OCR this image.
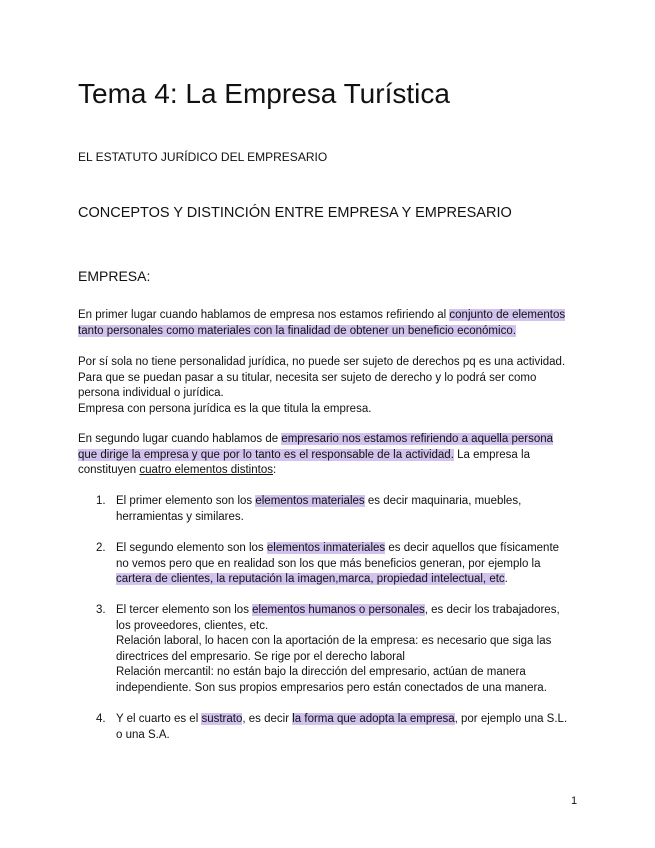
Tema 4: La Empresa Turística
EL ESTATUTO JURÍDICO DEL EMPRESARIO
CONCEPTOS Y DISTINCIÓN ENTRE EMPRESA Y EMPRESARIO
EMPRESA:
En primer lugar cuando hablamos de empresa nos estamos refiriendo al conjunto de elementos
tanto personales como materiales con la finalidad de obtener un beneficio económico.
Por sí sola no tiene personalidad jurídica, no puede ser sujeto de derechos pq es una actividad.
Para que se puedan pasar a su titular, necesita ser sujeto de derecho y lo podrá ser como
persona individual o jurídica.
Empresa con persona jurídica es la que titula la empresa.
En segundo lugar cuando hablamos de empresario nos estamos refiriendo a aquella persona
que dirige la empresa y que por lo tanto es el responsable de la actividad. La empresa la
constituyen cuatro elementos distintos:
1. El primer elemento son los elementos materiales es decir maquinaria, muebles,
herramientas y similares.
2. El segundo elemento son los elementos inmateriales es decir aquellos que físicamente
no vemos pero que en realidad son los que más beneficios generan, por ejemplo la
cartera de clientes, la reputación la imagen,marca, propiedad intelectual, etc.
3. El tercer elemento son los elementos humanos o personales, es decir los trabajadores,
los proveedores, clientes, etc.
Relación laboral, lo hacen con la aportación de la empresa: es necesario que siga las
directrices del empresario. Se rige por el derecho laboral
Relación mercantil: no están bajo la dirección del empresario, actúan de manera
independiente. Son sus propios empresarios pero están conectados de una manera.
4. Y el cuarto es el sustrato, es decir la forma que adopta la empresa, por ejemplo una S.L.
o una S.A.
1
